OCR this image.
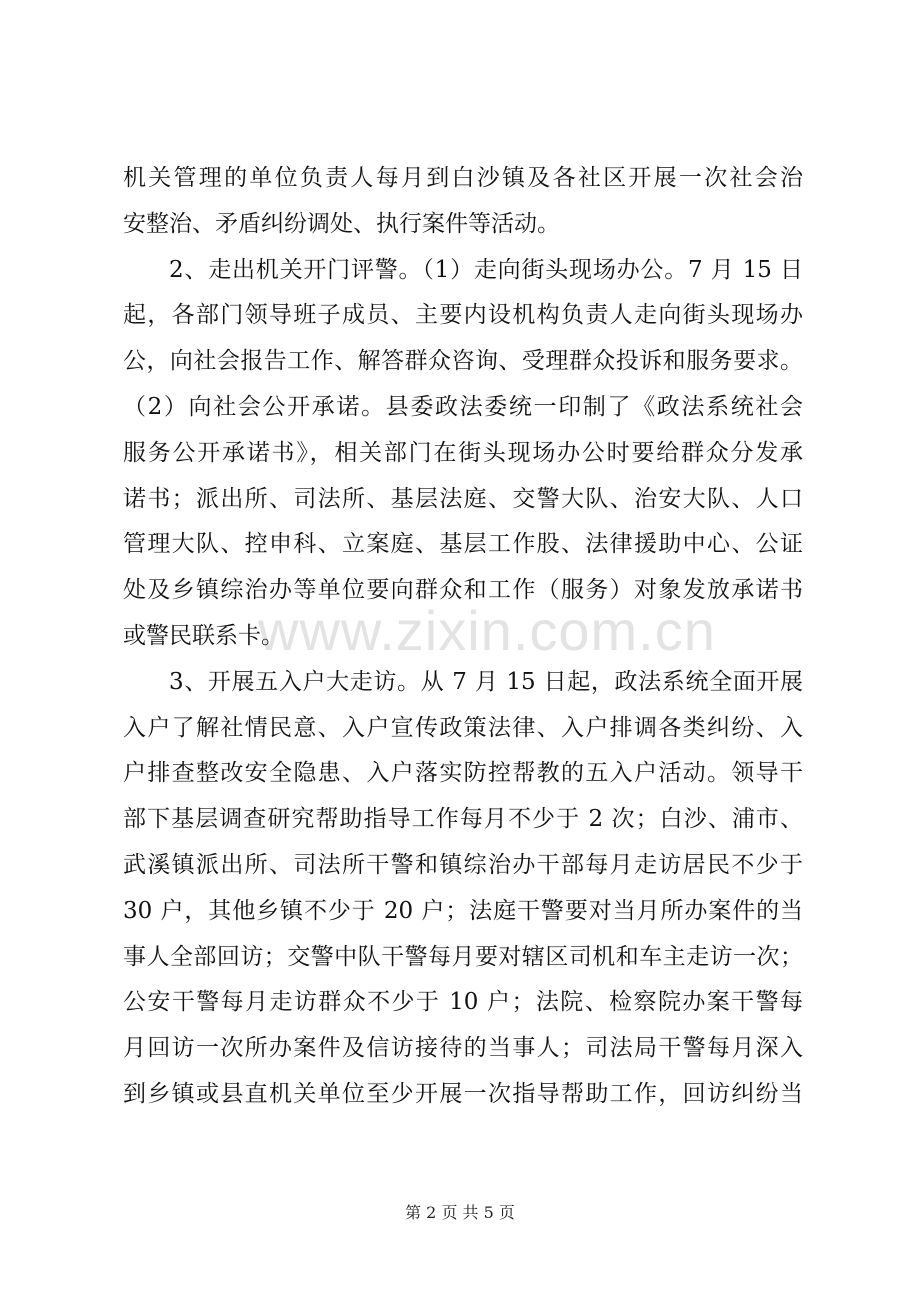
www.zixin.com.cn
机关管理的单位负责人每月到白沙镇及各社区开展一次社会治
安整治、矛盾纠纷调处、执行案件等活动。
2、走出机关开门评警。（1）走向街头现场办公。7 月 15 日
起，各部门领导班子成员、主要内设机构负责人走向街头现场办
公，向社会报告工作、解答群众咨询、受理群众投诉和服务要求。
（2）向社会公开承诺。县委政法委统一印制了《政法系统社会
服务公开承诺书》，相关部门在街头现场办公时要给群众分发承
诺书；派出所、司法所、基层法庭、交警大队、治安大队、人口
管理大队、控申科、立案庭、基层工作股、法律援助中心、公证
处及乡镇综治办等单位要向群众和工作（服务）对象发放承诺书
或警民联系卡。
3、开展五入户大走访。从 7 月 15 日起，政法系统全面开展
入户了解社情民意、入户宣传政策法律、入户排调各类纠纷、入
户排查整改安全隐患、入户落实防控帮教的五入户活动。领导干
部下基层调查研究帮助指导工作每月不少于 2 次；白沙、浦市、
武溪镇派出所、司法所干警和镇综治办干部每月走访居民不少于
30 户，其他乡镇不少于 20 户；法庭干警要对当月所办案件的当
事人全部回访；交警中队干警每月要对辖区司机和车主走访一次；
公安干警每月走访群众不少于 10 户；法院、检察院办案干警每
月回访一次所办案件及信访接待的当事人；司法局干警每月深入
到乡镇或县直机关单位至少开展一次指导帮助工作，回访纠纷当
第 2 页 共 5 页
